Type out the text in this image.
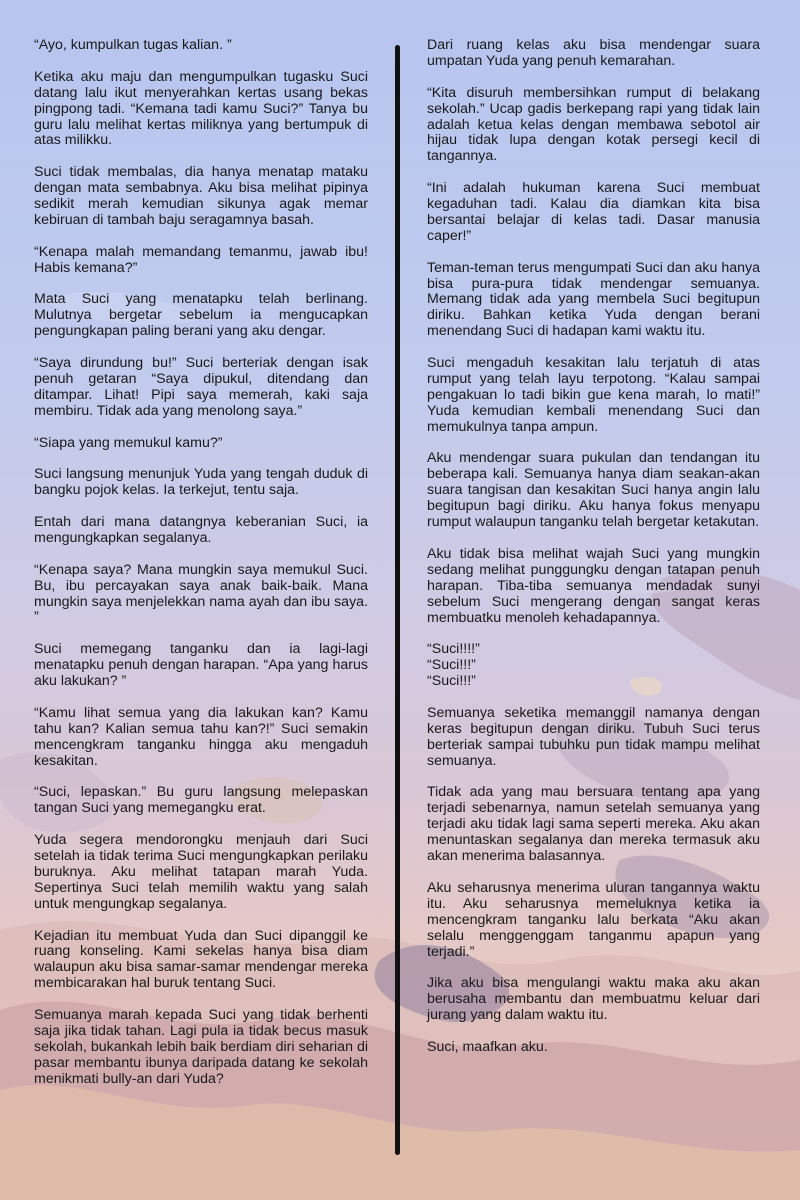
“Ayo, kumpulkan tugas kalian. ”

Ketika aku maju dan mengumpulkan tugasku Suci datang lalu ikut menyerahkan kertas usang bekas pingpong tadi. “Kemana tadi kamu Suci?” Tanya bu guru lalu melihat kertas miliknya yang bertumpuk di atas milikku.

Suci tidak membalas, dia hanya menatap mataku dengan mata sembabnya. Aku bisa melihat pipinya sedikit merah kemudian sikunya agak memar kebiruan di tambah baju seragamnya basah.

“Kenapa malah memandang temanmu, jawab ibu! Habis kemana?”

Mata Suci yang menatapku telah berlinang. Mulutnya bergetar sebelum ia mengucapkan pengungkapan paling berani yang aku dengar.

“Saya dirundung bu!” Suci berteriak dengan isak penuh getaran “Saya dipukul, ditendang dan ditampar. Lihat! Pipi saya memerah, kaki saja membiru. Tidak ada yang menolong saya.”

“Siapa yang memukul kamu?”

Suci langsung menunjuk Yuda yang tengah duduk di bangku pojok kelas. Ia terkejut, tentu saja.

Entah dari mana datangnya keberanian Suci, ia mengungkapkan segalanya.

“Kenapa saya? Mana mungkin saya memukul Suci. Bu, ibu percayakan saya anak baik-baik. Mana mungkin saya menjelekkan nama ayah dan ibu saya. ”

Suci memegang tanganku dan ia lagi-lagi menatapku penuh dengan harapan. “Apa yang harus aku lakukan? ”

“Kamu lihat semua yang dia lakukan kan? Kamu tahu kan? Kalian semua tahu kan?!” Suci semakin mencengkram tanganku hingga aku mengaduh kesakitan.

“Suci, lepaskan.” Bu guru langsung melepaskan tangan Suci yang memegangku erat.

Yuda segera mendorongku menjauh dari Suci setelah ia tidak terima Suci mengungkapkan perilaku buruknya. Aku melihat tatapan marah Yuda. Sepertinya Suci telah memilih waktu yang salah untuk mengungkap segalanya.

Kejadian itu membuat Yuda dan Suci dipanggil ke ruang konseling. Kami sekelas hanya bisa diam walaupun aku bisa samar-samar mendengar mereka membicarakan hal buruk tentang Suci.

Semuanya marah kepada Suci yang tidak berhenti saja jika tidak tahan. Lagi pula ia tidak becus masuk sekolah, bukankah lebih baik berdiam diri seharian di pasar membantu ibunya daripada datang ke sekolah menikmati bully-an dari Yuda?

Dari ruang kelas aku bisa mendengar suara umpatan Yuda yang penuh kemarahan.

“Kita disuruh membersihkan rumput di belakang sekolah.” Ucap gadis berkepang rapi yang tidak lain adalah ketua kelas dengan membawa sebotol air hijau tidak lupa dengan kotak persegi kecil di tangannya.

“Ini adalah hukuman karena Suci membuat kegaduhan tadi. Kalau dia diamkan kita bisa bersantai belajar di kelas tadi. Dasar manusia caper!”

Teman-teman terus mengumpati Suci dan aku hanya bisa pura-pura tidak mendengar semuanya. Memang tidak ada yang membela Suci begitupun diriku. Bahkan ketika Yuda dengan berani menendang Suci di hadapan kami waktu itu.

Suci mengaduh kesakitan lalu terjatuh di atas rumput yang telah layu terpotong. “Kalau sampai pengakuan lo tadi bikin gue kena marah, lo mati!” Yuda kemudian kembali menendang Suci dan memukulnya tanpa ampun.

Aku mendengar suara pukulan dan tendangan itu beberapa kali. Semuanya hanya diam seakan-akan suara tangisan dan kesakitan Suci hanya angin lalu begitupun bagi diriku. Aku hanya fokus menyapu rumput walaupun tanganku telah bergetar ketakutan.

Aku tidak bisa melihat wajah Suci yang mungkin sedang melihat punggungku dengan tatapan penuh harapan. Tiba-tiba semuanya mendadak sunyi sebelum Suci mengerang dengan sangat keras membuatku menoleh kehadapannya.

“Suci!!!!”
“Suci!!!”
“Suci!!!”

Semuanya seketika memanggil namanya dengan keras begitupun dengan diriku. Tubuh Suci terus berteriak sampai tubuhku pun tidak mampu melihat semuanya.

Tidak ada yang mau bersuara tentang apa yang terjadi sebenarnya, namun setelah semuanya yang terjadi aku tidak lagi sama seperti mereka. Aku akan menuntaskan segalanya dan mereka termasuk aku akan menerima balasannya.

Aku seharusnya menerima uluran tangannya waktu itu. Aku seharusnya memeluknya ketika ia mencengkram tanganku lalu berkata “Aku akan selalu menggenggam tanganmu apapun yang terjadi.”

Jika aku bisa mengulangi waktu maka aku akan berusaha membantu dan membuatmu keluar dari jurang yang dalam waktu itu.

Suci, maafkan aku.
